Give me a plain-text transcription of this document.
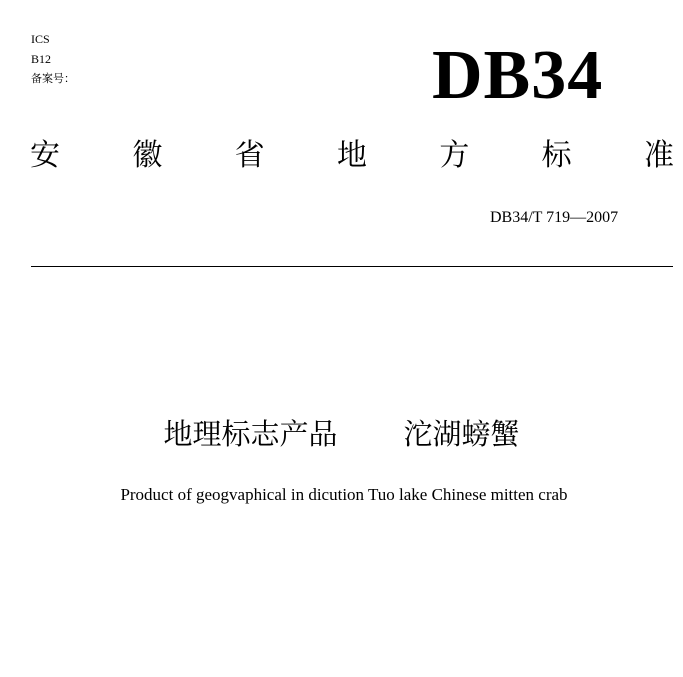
ICS
B12
备案号：	DB34
安 徽 省 地 方 标 准
DB34/T 719—2007
地理标志产品 沱湖螃蟹
Product of geogvaphical in dicution Tuo lake Chinese mitten crab
